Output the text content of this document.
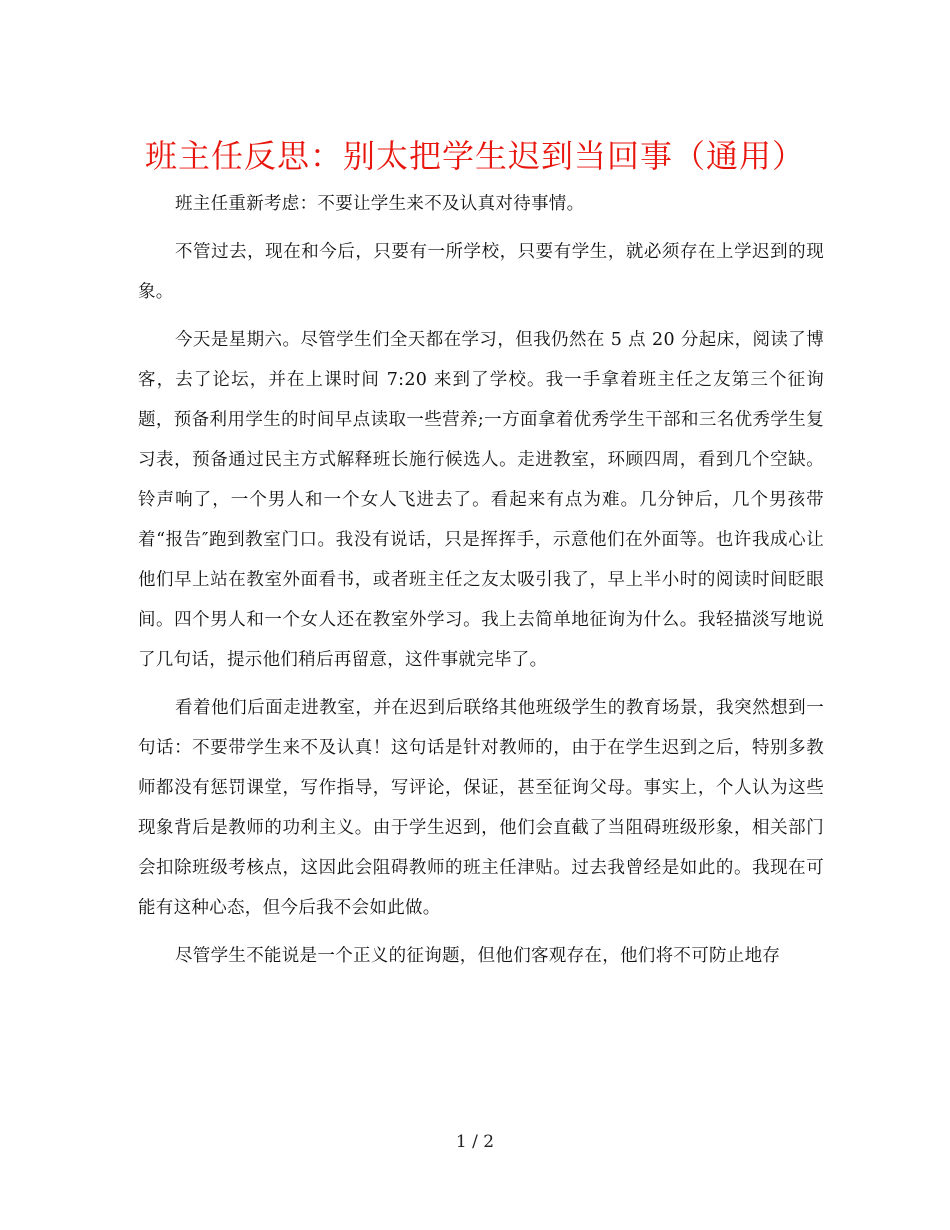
班主任反思：别太把学生迟到当回事（通用）

班主任重新考虑：不要让学生来不及认真对待事情。

不管过去，现在和今后，只要有一所学校，只要有学生，就必须存在上学迟到的现象。

今天是星期六。尽管学生们全天都在学习，但我仍然在 5 点 20 分起床，阅读了博客，去了论坛，并在上课时间 7:20 来到了学校。我一手拿着班主任之友第三个征询题，预备利用学生的时间早点读取一些营养;一方面拿着优秀学生干部和三名优秀学生复习表，预备通过民主方式解释班长施行候选人。走进教室，环顾四周，看到几个空缺。铃声响了，一个男人和一个女人飞进去了。看起来有点为难。几分钟后，几个男孩带着“报告″跑到教室门口。我没有说话，只是挥挥手，示意他们在外面等。也许我成心让他们早上站在教室外面看书，或者班主任之友太吸引我了，早上半小时的阅读时间眨眼间。四个男人和一个女人还在教室外学习。我上去简单地征询为什么。我轻描淡写地说了几句话，提示他们稍后再留意，这件事就完毕了。

看着他们后面走进教室，并在迟到后联络其他班级学生的教育场景，我突然想到一句话：不要带学生来不及认真！这句话是针对教师的，由于在学生迟到之后，特别多教师都没有惩罚课堂，写作指导，写评论，保证，甚至征询父母。事实上，个人认为这些现象背后是教师的功利主义。由于学生迟到，他们会直截了当阻碍班级形象，相关部门会扣除班级考核点，这因此会阻碍教师的班主任津贴。过去我曾经是如此的。我现在可能有这种心态，但今后我不会如此做。

尽管学生不能说是一个正义的征询题，但他们客观存在，他们将不可防止地存

1 / 2
